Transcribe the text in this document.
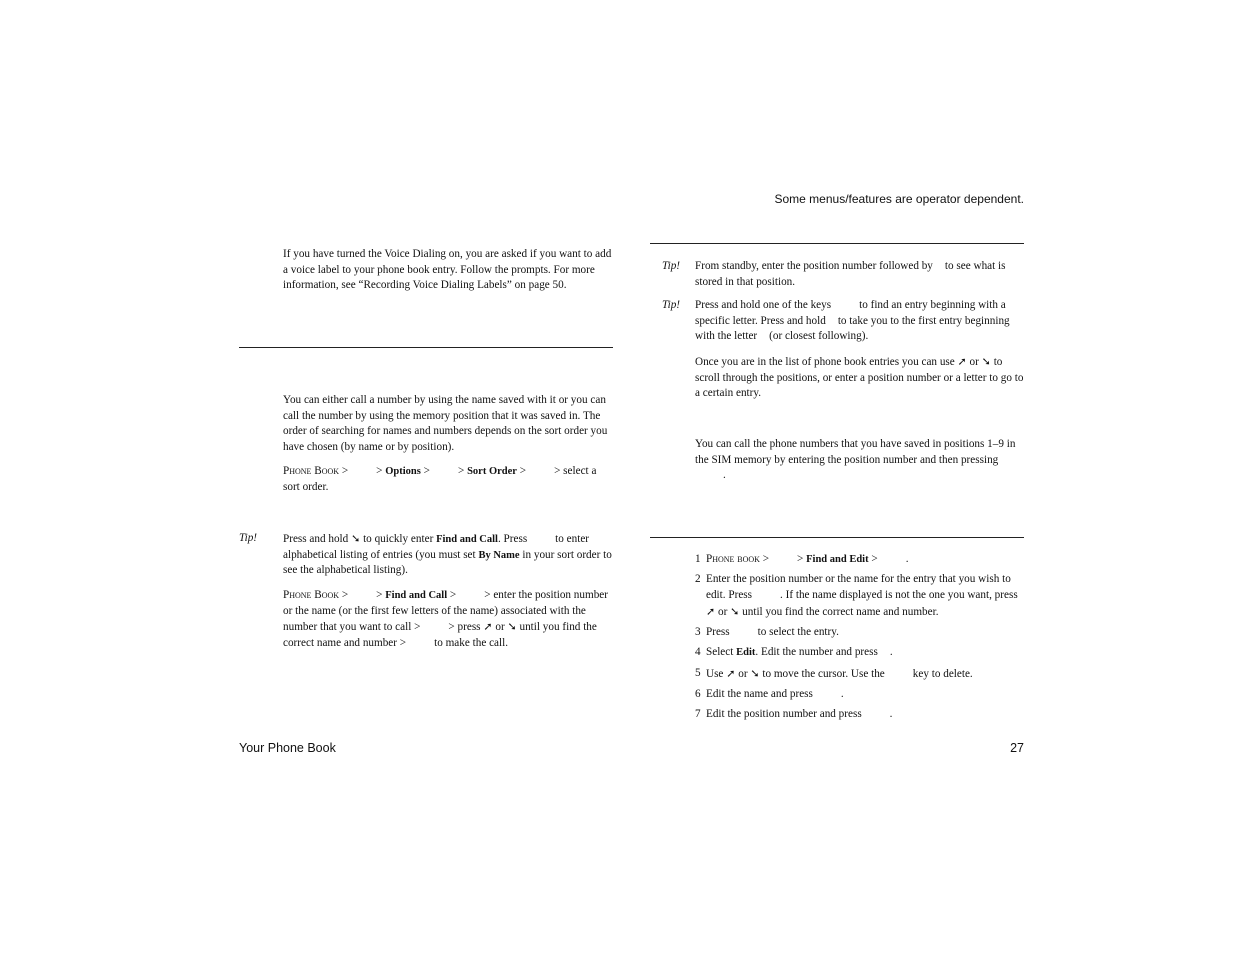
Some menus/features are operator dependent.

If you have turned the Voice Dialing on, you are asked if you want to add a voice label to your phone book entry. Follow the prompts. For more information, see “Recording Voice Dialing Labels” on page 50.

You can either call a number by using the name saved with it or you can call the number by using the memory position that it was saved in. The order of searching for names and numbers depends on the sort order you have chosen (by name or by position).

Phone Book >	> Options >	> Sort Order >	> select a sort order.

Tip! Press and hold ➘ to quickly enter Find and Call. Press	to enter alphabetical listing of entries (you must set By Name in your sort order to see the alphabetical listing).

Phone Book >	> Find and Call >	> enter the position number or the name (or the first few letters of the name) associated with the number that you want to call >	> press ➚ or ➘ until you find the correct name and number >	to make the call.

Tip! From standby, enter the position number followed by to see what is stored in that position.

Tip! Press and hold one of the keys	to find an entry beginning with a specific letter. Press and hold to take you to the first entry beginning with the letter (or closest following).

Once you are in the list of phone book entries you can use ➚ or ➘ to scroll through the positions, or enter a position number or a letter to go to a certain entry.

You can call the phone numbers that you have saved in positions 1–9 in the SIM memory by entering the position number and then pressing.

1 Phone book >	> Find and Edit >	.
2 Enter the position number or the name for the entry that you wish to edit. Press	. If the name displayed is not the one you want, press ➚ or ➘ until you find the correct name and number.
3 Press	to select the entry.
4 Select Edit. Edit the number and press .
5 Use ➚ or ➘ to move the cursor. Use the	key to delete.
6 Edit the name and press	.
7 Edit the position number and press	.
Your Phone Book	27
